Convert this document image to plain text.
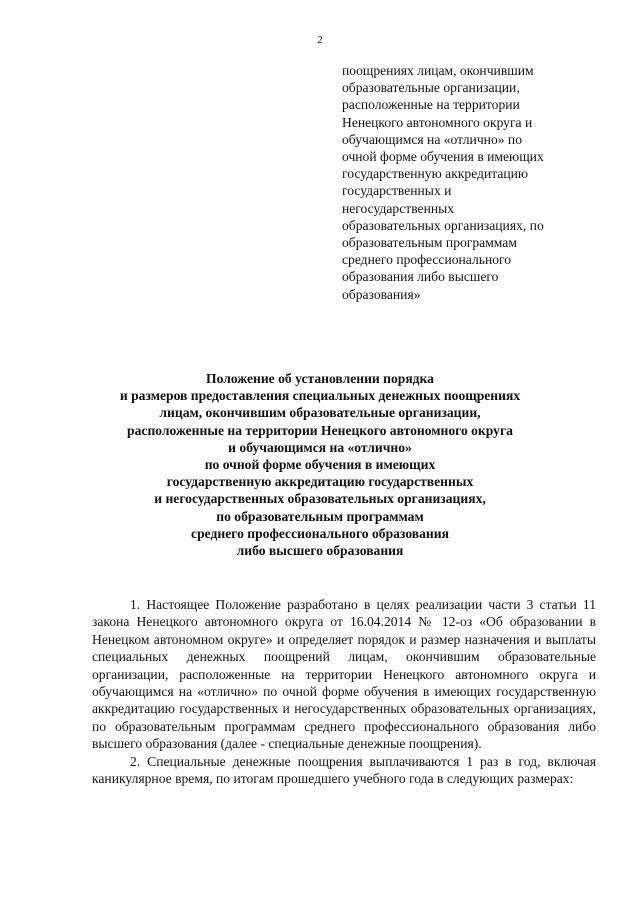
2
поощрениях лицам, окончившим
образовательные организации,
расположенные на территории
Ненецкого автономного округа и
обучающимся на «отлично» по
очной форме обучения в имеющих
государственную аккредитацию
государственных и
негосударственных
образовательных организациях, по
образовательным программам
среднего профессионального
образования либо высшего
образования»
Положение об установлении порядка
и размеров предоставления специальных денежных поощрениях
лицам, окончившим образовательные организации,
расположенные на территории Ненецкого автономного округа
и обучающимся на «отлично»
по очной форме обучения в имеющих
государственную аккредитацию государственных
и негосударственных образовательных организациях,
по образовательным программам
среднего профессионального образования
либо высшего образования

1. Настоящее Положение разработано в целях реализации части 3 статьи 11 закона Ненецкого автономного округа от 16.04.2014 № 12-оз «Об образовании в Ненецком автономном округе» и определяет порядок и размер назначения и выплаты специальных денежных поощрений лицам, окончившим образовательные организации, расположенные на территории Ненецкого автономного округа и обучающимся на «отлично» по очной форме обучения в имеющих государственную аккредитацию государственных и негосударственных образовательных организациях, по образовательным программам среднего профессионального образования либо высшего образования (далее - специальные денежные поощрения).

2. Специальные денежные поощрения выплачиваются 1 раз в год, включая каникулярное время, по итогам прошедшего учебного года в следующих размерах:
